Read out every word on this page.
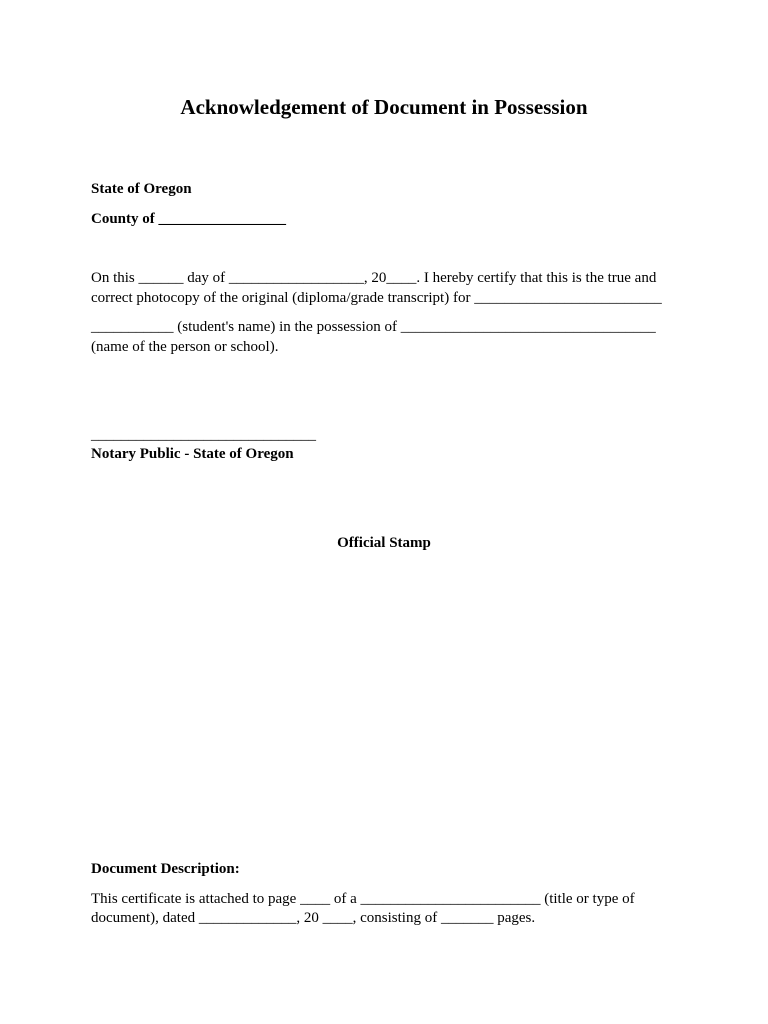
Acknowledgement of Document in Possession

State of Oregon

County of _________________

On this ______ day of __________________, 20____. I hereby certify that this is the true and

correct photocopy of the original (diploma/grade transcript) for _________________________

___________ (student's name) in the possession of __________________________________

(name of the person or school).

______________________________

Notary Public - State of Oregon

Official Stamp

Document Description:

This certificate is attached to page ____ of a ________________________ (title or type of

document), dated _____________, 20 ____, consisting of _______ pages.
